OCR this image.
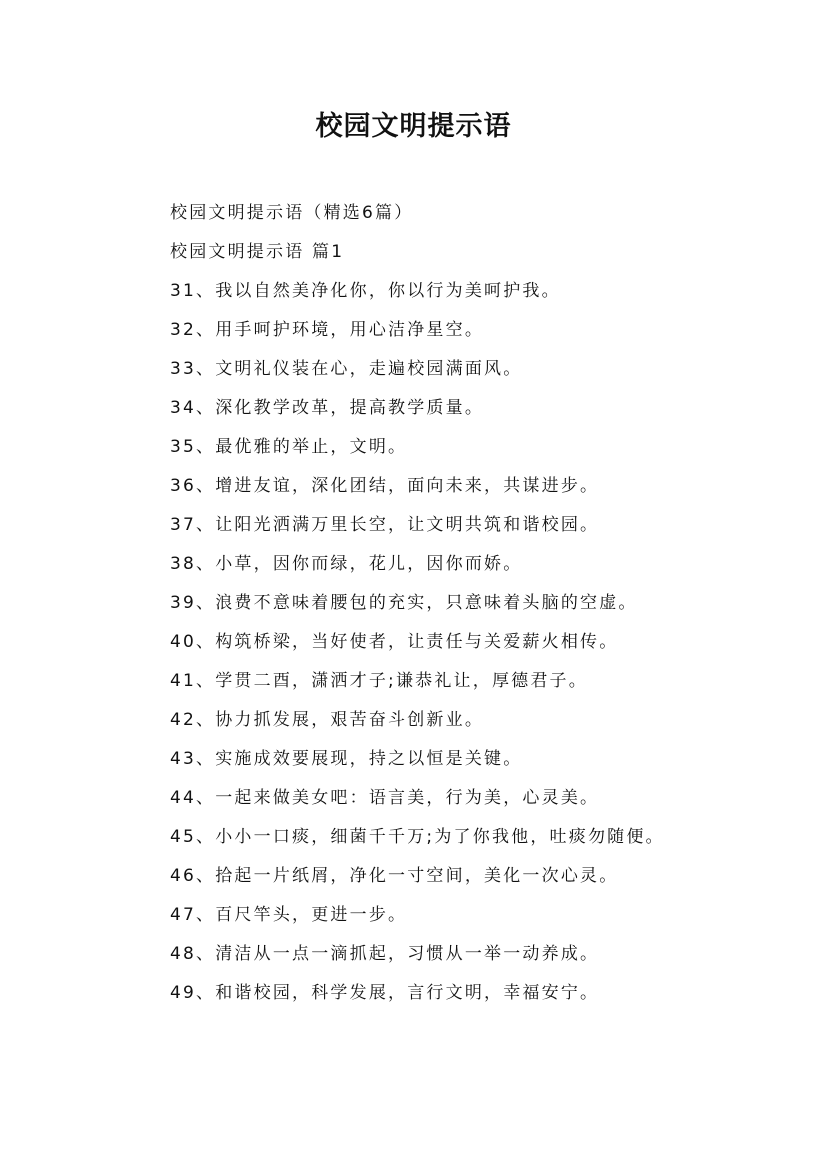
校园文明提示语
校园文明提示语（精选6篇）
校园文明提示语 篇1
31、我以自然美净化你，你以行为美呵护我。
32、用手呵护环境，用心洁净星空。
33、文明礼仪装在心，走遍校园满面风。
34、深化教学改革，提高教学质量。
35、最优雅的举止，文明。
36、增进友谊，深化团结，面向未来，共谋进步。
37、让阳光洒满万里长空，让文明共筑和谐校园。
38、小草，因你而绿，花儿，因你而娇。
39、浪费不意味着腰包的充实，只意味着头脑的空虚。
40、构筑桥梁，当好使者，让责任与关爱薪火相传。
41、学贯二酉，潇洒才子;谦恭礼让，厚德君子。
42、协力抓发展，艰苦奋斗创新业。
43、实施成效要展现，持之以恒是关键。
44、一起来做美女吧：语言美，行为美，心灵美。
45、小小一口痰，细菌千千万;为了你我他，吐痰勿随便。
46、拾起一片纸屑，净化一寸空间，美化一次心灵。
47、百尺竿头，更进一步。
48、清洁从一点一滴抓起，习惯从一举一动养成。
49、和谐校园，科学发展，言行文明，幸福安宁。
